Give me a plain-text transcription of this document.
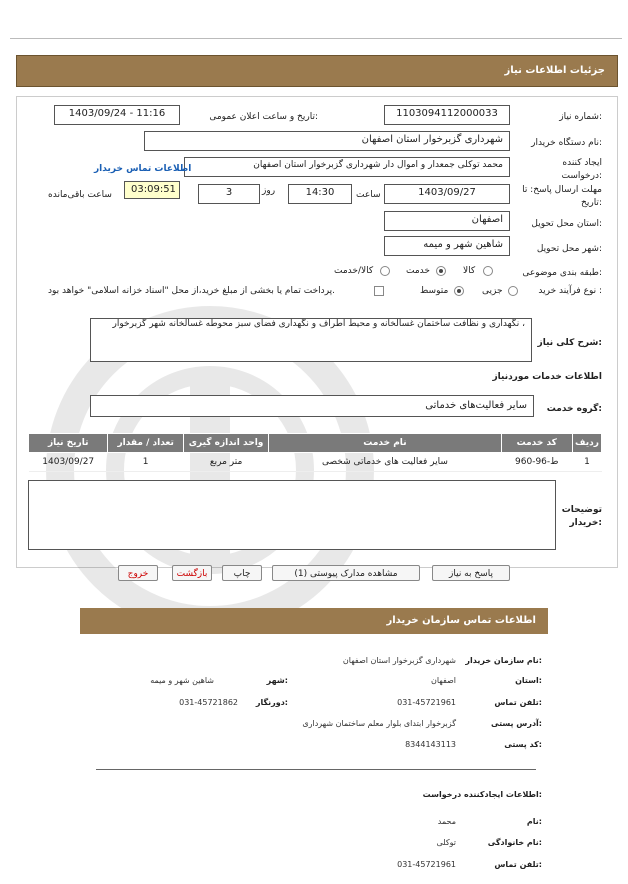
جزئیات اطلاعات نیاز
شماره نیاز:
1103094112000033
تاریخ و ساعت اعلان عمومی:
1403/09/24 - 11:16
نام دستگاه خریدار:
شهرداری گزبرخوار استان اصفهان
ایجاد کننده درخواست:
محمد توکلی جمعدار و اموال دار شهرداری گزبرخوار استان اصفهان
اطلاعات تماس خریدار
مهلت ارسال پاسخ: تا تاریخ:
1403/09/27
ساعت
14:30
روز
3
03:09:51
ساعت باقی‌مانده
استان محل تحویل:
اصفهان
شهر محل تحویل:
شاهین شهر و میمه
طبقه بندی موضوعی:
کالا
خدمت
کالا/خدمت
نوع فرآیند خرید :
جزیی
متوسط
پرداخت تمام یا بخشی از مبلغ خرید،از محل "اسناد خزانه اسلامی" خواهد بود.
شرح کلی نیاز:
، نگهداری و نظافت ساختمان غسالخانه و محیط اطراف و نگهداری فضای سبز محوطه غسالخانه شهر گزبرخوار
اطلاعات خدمات موردنیاز
گروه خدمت:
سایر فعالیت‌های خدماتی
ردیف	کد خدمت	نام خدمت	واحد اندازه گیری	تعداد / مقدار	تاریخ نیاز
1	ط-96-960	سایر فعالیت های خدماتی شخصی	متر مربع	1	1403/09/27
توضیحات خریدار:
پاسخ به نیاز
مشاهده مدارک پیوستی (1)
چاپ
بازگشت
خروج
اطلاعات تماس سازمان خریدار
نام سازمان خریدار:
شهرداری گزبرخوار استان اصفهان
استان:
اصفهان
شهر:
شاهین شهر و میمه
تلفن تماس:
031-45721961
دورنگار:
031-45721862
آدرس پستی:
گزبرخوار ابتدای بلوار معلم ساختمان شهرداری
کد پستی:
8344143113
اطلاعات ایجادکننده درخواست:
نام:
محمد
نام خانوادگی:
توکلی
تلفن تماس:
031-45721961
